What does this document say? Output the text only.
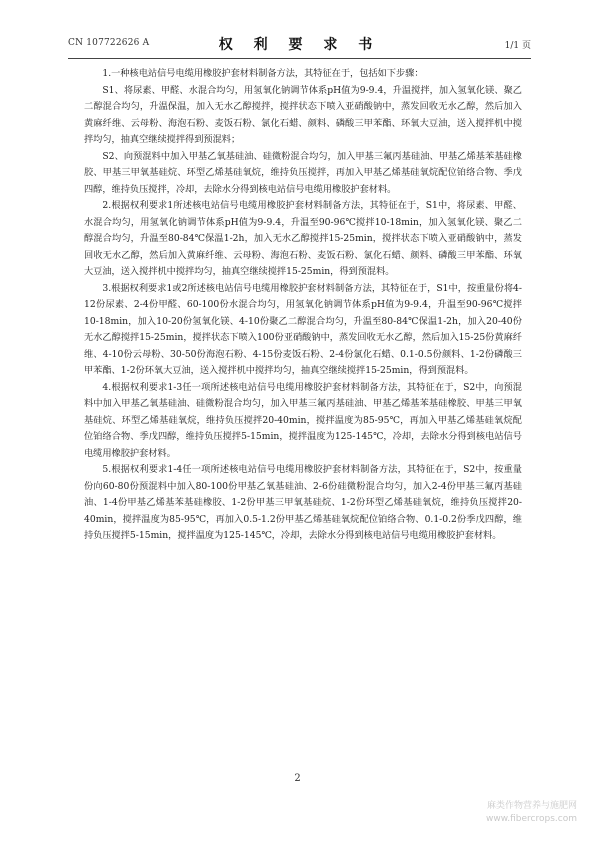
CN 107722626 A	权 利 要 求 书	1/1 页

1.一种核电站信号电缆用橡胶护套材料制备方法，其特征在于，包括如下步骤：

S1、将尿素、甲醛、水混合均匀，用氢氧化钠调节体系pH值为9-9.4，升温搅拌，加入氢氧化镁、聚乙二醇混合均匀，升温保温，加入无水乙醇搅拌，搅拌状态下喷入亚硝酸钠中，蒸发回收无水乙醇，然后加入黄麻纤维、云母粉、海泡石粉、麦饭石粉、氯化石蜡、颜料、磷酸三甲苯酯、环氧大豆油，送入搅拌机中搅拌均匀，抽真空继续搅拌得到预混料；

S2、向预混料中加入甲基乙氧基硅油、硅微粉混合均匀，加入甲基三氟丙基硅油、甲基乙烯基苯基硅橡胶、甲基三甲氧基硅烷、环型乙烯基硅氧烷，维持负压搅拌，再加入甲基乙烯基硅氧烷配位铂络合物、季戊四醇，维持负压搅拌，冷却，去除水分得到核电站信号电缆用橡胶护套材料。

2.根据权利要求1所述核电站信号电缆用橡胶护套材料制备方法，其特征在于，S1中，将尿素、甲醛、水混合均匀，用氢氧化钠调节体系pH值为9-9.4，升温至90-96℃搅拌10-18min，加入氢氧化镁、聚乙二醇混合均匀，升温至80-84℃保温1-2h，加入无水乙醇搅拌15-25min，搅拌状态下喷入亚硝酸钠中，蒸发回收无水乙醇，然后加入黄麻纤维、云母粉、海泡石粉、麦饭石粉、氯化石蜡、颜料、磷酸三甲苯酯、环氧大豆油，送入搅拌机中搅拌均匀，抽真空继续搅拌15-25min，得到预混料。

3.根据权利要求1或2所述核电站信号电缆用橡胶护套材料制备方法，其特征在于，S1中，按重量份将4-12份尿素、2-4份甲醛、60-100份水混合均匀，用氢氧化钠调节体系pH值为9-9.4，升温至90-96℃搅拌10-18min，加入10-20份氢氧化镁、4-10份聚乙二醇混合均匀，升温至80-84℃保温1-2h，加入20-40份无水乙醇搅拌15-25min，搅拌状态下喷入100份亚硝酸钠中，蒸发回收无水乙醇，然后加入15-25份黄麻纤维、4-10份云母粉、30-50份海泡石粉、4-15份麦饭石粉、2-4份氯化石蜡、0.1-0.5份颜料、1-2份磷酸三甲苯酯、1-2份环氧大豆油，送入搅拌机中搅拌均匀，抽真空继续搅拌15-25min，得到预混料。

4.根据权利要求1-3任一项所述核电站信号电缆用橡胶护套材料制备方法，其特征在于，S2中，向预混料中加入甲基乙氧基硅油、硅微粉混合均匀，加入甲基三氟丙基硅油、甲基乙烯基苯基硅橡胶、甲基三甲氧基硅烷、环型乙烯基硅氧烷，维持负压搅拌20-40min，搅拌温度为85-95℃，再加入甲基乙烯基硅氧烷配位铂络合物、季戊四醇，维持负压搅拌5-15min，搅拌温度为125-145℃，冷却，去除水分得到核电站信号电缆用橡胶护套材料。

5.根据权利要求1-4任一项所述核电站信号电缆用橡胶护套材料制备方法，其特征在于，S2中，按重量份向60-80份预混料中加入80-100份甲基乙氧基硅油、2-6份硅微粉混合均匀，加入2-4份甲基三氟丙基硅油、1-4份甲基乙烯基苯基硅橡胶、1-2份甲基三甲氧基硅烷、1-2份环型乙烯基硅氧烷，维持负压搅拌20-40min，搅拌温度为85-95℃，再加入0.5-1.2份甲基乙烯基硅氧烷配位铂络合物、0.1-0.2份季戊四醇，维持负压搅拌5-15min，搅拌温度为125-145℃，冷却，去除水分得到核电站信号电缆用橡胶护套材料。

2
麻类作物营养与施肥网
www.fibercrops.com
